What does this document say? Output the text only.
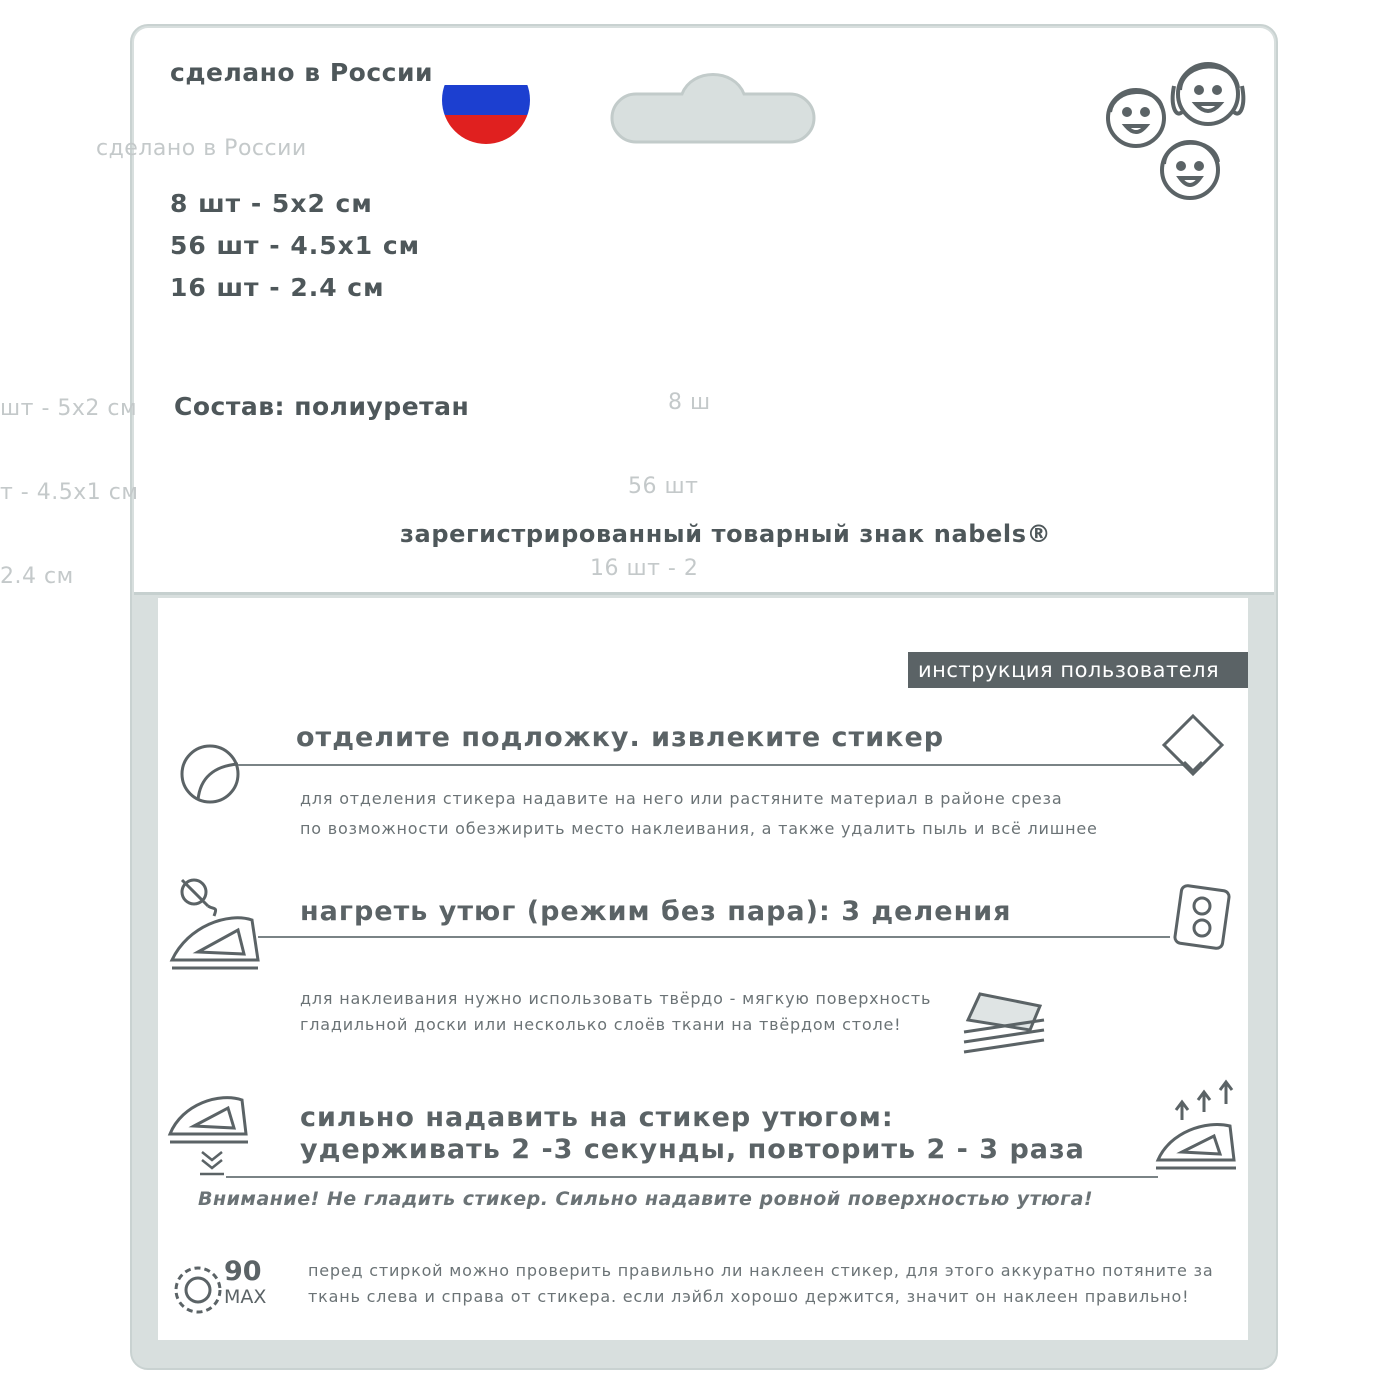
сделано в России
шт - 5х2 см
т - 4.5х1 см
2.4 см
8 ш
56 шт
16 шт - 2
сделано в России
8 шт - 5х2 см
56 шт - 4.5х1 см
16 шт - 2.4 см
Состав: полиуретан
зарегистрированный товарный знак nabels®
инструкция пользователя
отделите подложку. извлеките стикер
для отделения стикера надавите на него или растяните материал в районе среза
по возможности обезжирить место наклеивания, а также удалить пыль и всё лишнее
нагреть утюг (режим без пара): 3 деления
для наклеивания нужно использовать твёрдо - мягкую поверхность
гладильной доски или несколько слоёв ткани на твёрдом столе!
сильно надавить на стикер утюгом:
удерживать 2 -3 секунды, повторить 2 - 3 раза
Внимание! Не гладить стикер. Сильно надавите ровной поверхностью утюга!
90
MAX
перед стиркой можно проверить правильно ли наклеен стикер, для этого аккуратно потяните за
ткань слева и справа от стикера. если лэйбл хорошо держится, значит он наклеен правильно!
